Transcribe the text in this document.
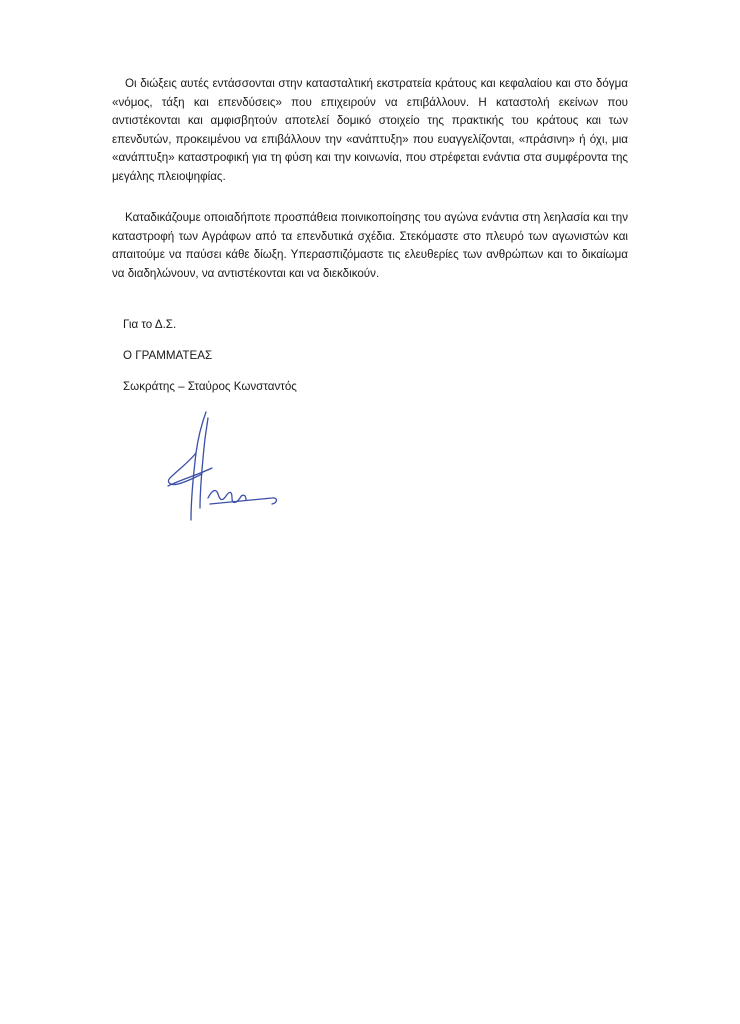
Οι διώξεις αυτές εντάσσονται στην κατασταλτική εκστρατεία κράτους και κεφαλαίου και στο δόγμα «νόμος, τάξη και επενδύσεις» που επιχειρούν να επιβάλλουν. Η καταστολή εκείνων που αντιστέκονται και αμφισβητούν αποτελεί δομικό στοιχείο της πρακτικής του κράτους και των επενδυτών, προκειμένου να επιβάλλουν την «ανάπτυξη» που ευαγγελίζονται, «πράσινη» ή όχι, μια «ανάπτυξη» καταστροφική για τη φύση και την κοινωνία, που στρέφεται ενάντια στα συμφέροντα της μεγάλης πλειοψηφίας.

Καταδικάζουμε οποιαδήποτε προσπάθεια ποινικοποίησης του αγώνα ενάντια στη λεηλασία και την καταστροφή των Αγράφων από τα επενδυτικά σχέδια. Στεκόμαστε στο πλευρό των αγωνιστών και απαιτούμε να παύσει κάθε δίωξη. Υπερασπιζόμαστε τις ελευθερίες των ανθρώπων και το δικαίωμα να διαδηλώνουν, να αντιστέκονται και να διεκδικούν.

Για το Δ.Σ.
Ο ΓΡΑΜΜΑΤΕΑΣ
Σωκράτης – Σταύρος Κωνσταντός
